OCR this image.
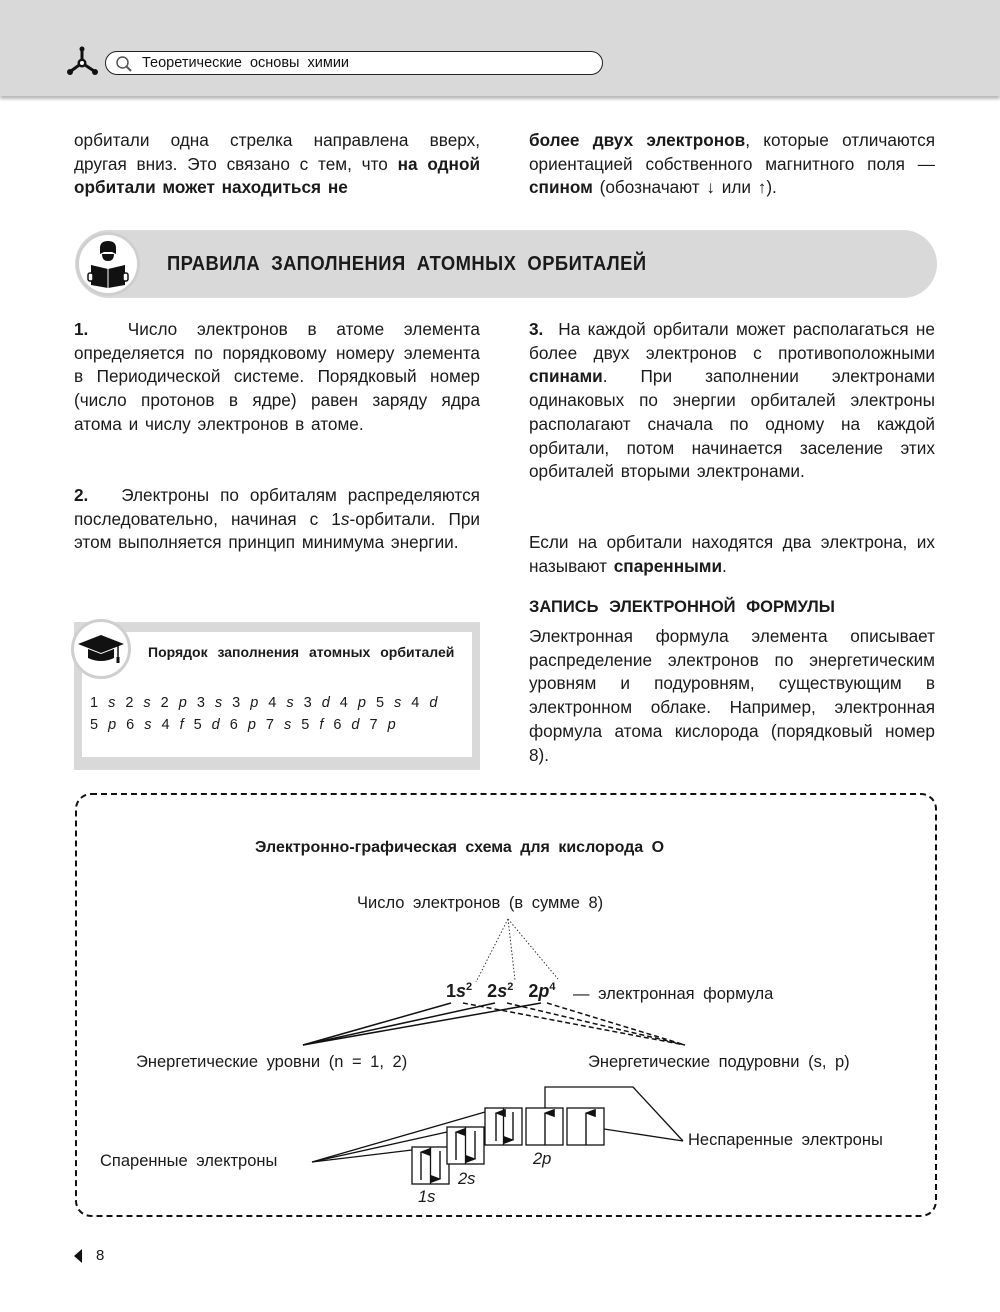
Теоретические основы химии
орбитали одна стрелка направлена вверх, другая вниз. Это связано с тем, что на одной орбитали может находиться не
более двух электронов, которые отличаются ориентацией собственного магнитного поля — спином (обозначают ↓ или ↑).
ПРАВИЛА ЗАПОЛНЕНИЯ АТОМНЫХ ОРБИТАЛЕЙ
1. Число электронов в атоме элемента определяется по порядковому номеру элемента в Периодической системе. Порядковый номер (число протонов в ядре) равен заряду ядра атома и числу электронов в атоме.
2. Электроны по орбиталям распределяются последовательно, начиная с 1s-орбитали. При этом выполняется принцип минимума энергии.
3. На каждой орбитали может располагаться не более двух электронов с противоположными спинами. При заполнении электронами одинаковых по энергии орбиталей электроны располагают сначала по одному на каждой орбитали, потом начинается заселение этих орбиталей вторыми электронами.
Если на орбитали находятся два электрона, их называют спаренными.
ЗАПИСЬ ЭЛЕКТРОННОЙ ФОРМУЛЫ
Электронная формула элемента описывает распределение электронов по энергетическим уровням и подуровням, существующим в электронном облаке. Например, электронная формула атома кислорода (порядковый номер 8).
Порядок заполнения атомных орбиталей
1 s 2 s 2 p 3 s 3 p 4 s 3 d 4 p 5 s 4 d5 p 6 s 4 f 5 d 6 p 7 s 5 f 6 d 7 p
Электронно-графическая схема для кислорода O
Число электронов (в сумме 8)
$1s^2$ $2s^2$ $2p^4$ — электронная формула
Энергетические уровни (n = 1, 2)	Энергетические подуровни (s, p)
Спаренные электроны
Неспаренные электроны
1s
2s
2p
8
